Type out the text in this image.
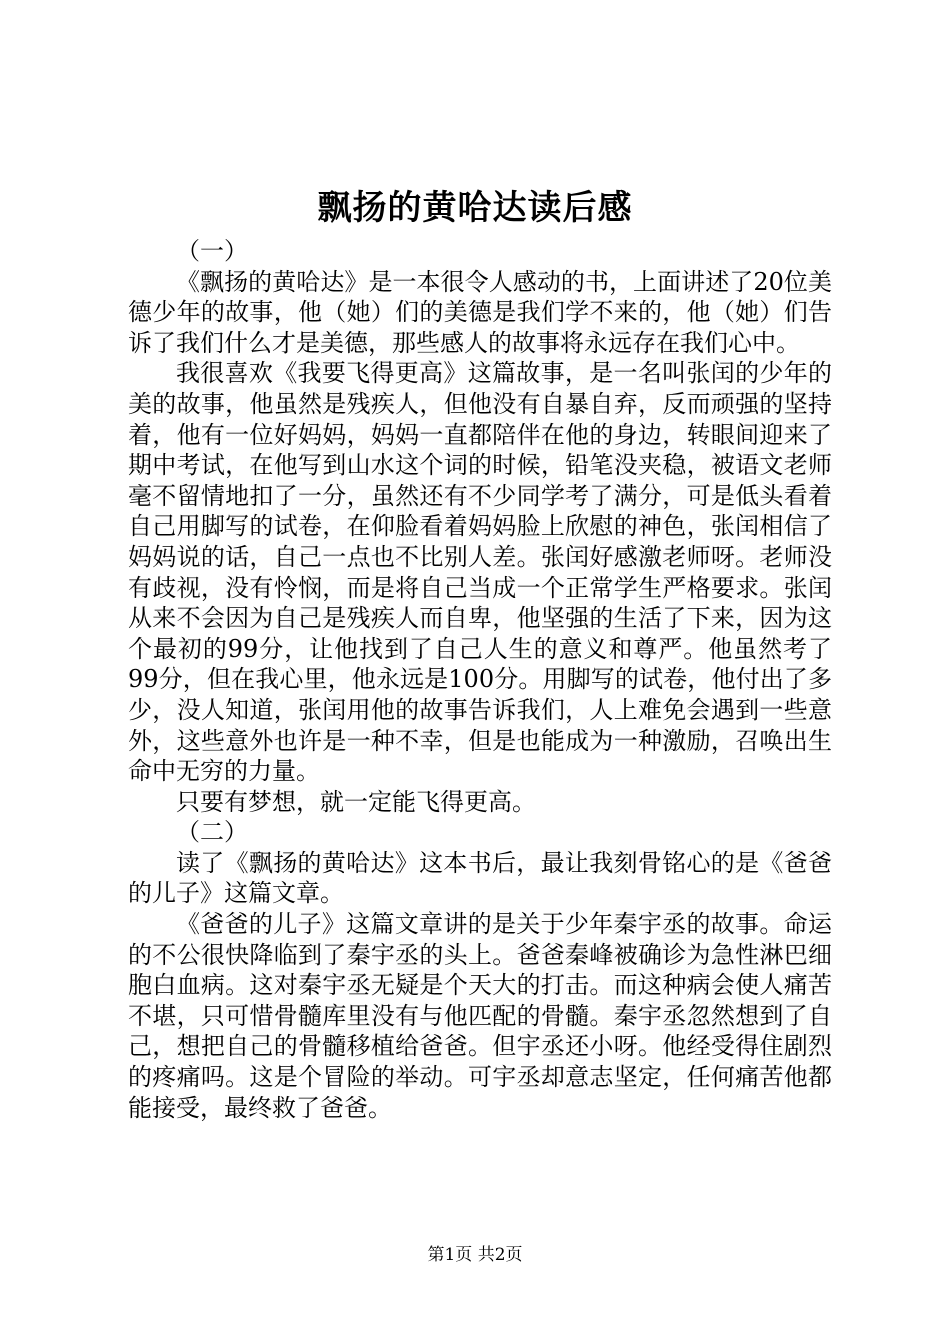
飘扬的黄哈达读后感

（一）

《飘扬的黄哈达》是一本很令人感动的书，上面讲述了20位美德少年的故事，他（她）们的美德是我们学不来的，他（她）们告诉了我们什么才是美德，那些感人的故事将永远存在我们心中。

我很喜欢《我要飞得更高》这篇故事，是一名叫张闰的少年的美的故事，他虽然是残疾人，但他没有自暴自弃，反而顽强的坚持着，他有一位好妈妈，妈妈一直都陪伴在他的身边，转眼间迎来了期中考试，在他写到山水这个词的时候，铅笔没夹稳，被语文老师毫不留情地扣了一分，虽然还有不少同学考了满分，可是低头看着自己用脚写的试卷，在仰脸看着妈妈脸上欣慰的神色，张闰相信了妈妈说的话，自己一点也不比别人差。张闰好感激老师呀。老师没有歧视，没有怜悯，而是将自己当成一个正常学生严格要求。张闰从来不会因为自己是残疾人而自卑，他坚强的生活了下来，因为这个最初的99分，让他找到了自己人生的意义和尊严。他虽然考了99分，但在我心里，他永远是100分。用脚写的试卷，他付出了多少，没人知道，张闰用他的故事告诉我们，人上难免会遇到一些意外，这些意外也许是一种不幸，但是也能成为一种激励，召唤出生命中无穷的力量。

只要有梦想，就一定能飞得更高。

（二）

读了《飘扬的黄哈达》这本书后，最让我刻骨铭心的是《爸爸的儿子》这篇文章。

《爸爸的儿子》这篇文章讲的是关于少年秦宇丞的故事。命运的不公很快降临到了秦宇丞的头上。爸爸秦峰被确诊为急性淋巴细胞白血病。这对秦宇丞无疑是个天大的打击。而这种病会使人痛苦不堪，只可惜骨髓库里没有与他匹配的骨髓。秦宇丞忽然想到了自己，想把自己的骨髓移植给爸爸。但宇丞还小呀。他经受得住剧烈的疼痛吗。这是个冒险的举动。可宇丞却意志坚定，任何痛苦他都能接受，最终救了爸爸。

第1页 共2页
